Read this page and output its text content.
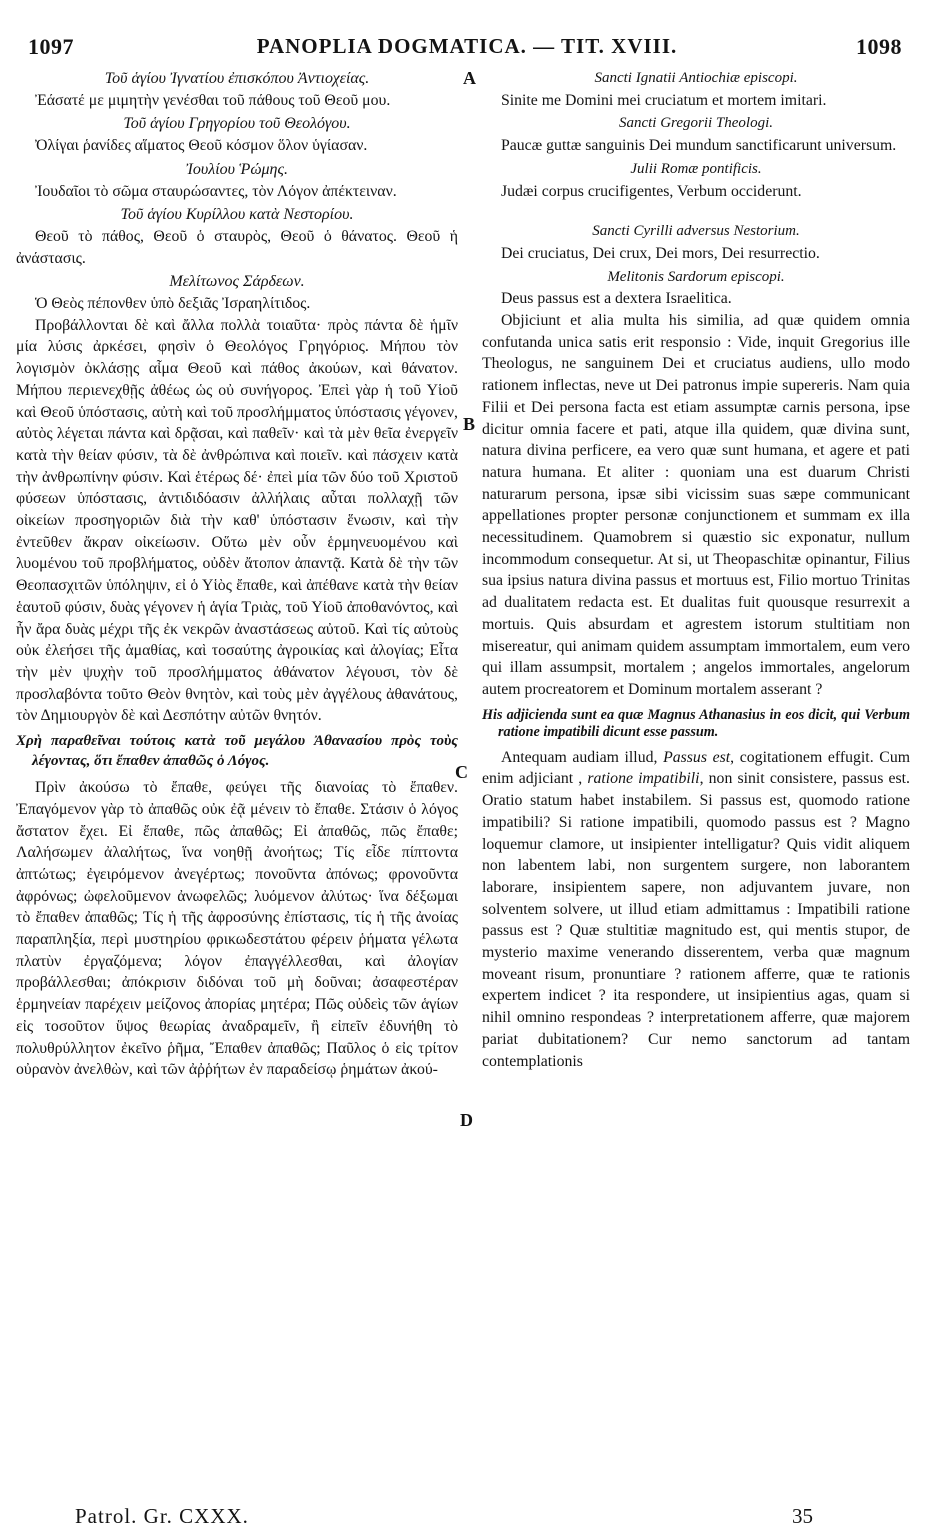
PANOPLIA DOGMATICA. — TIT. XVIII.
1097	1098
Τοῦ ἁγίου Ἰγνατίου ἐπισκόπου Ἀντιοχείας.

Ἐάσατέ με μιμητὴν γενέσθαι τοῦ πάθους τοῦ Θεοῦ μου.

Τοῦ ἁγίου Γρηγορίου τοῦ Θεολόγου.

Ὀλίγαι ῥανίδες αἵματος Θεοῦ κόσμον ὅλον ὑγίασαν.

Ἰουλίου Ῥώμης.

Ἰουδαῖοι τὸ σῶμα σταυρώσαντες, τὸν Λόγον ἀπέκτειναν.

Τοῦ ἁγίου Κυρίλλου κατὰ Νεστορίου.

Θεοῦ τὸ πάθος, Θεοῦ ὁ σταυρὸς, Θεοῦ ὁ θάνατος. Θεοῦ ἡ ἀνάστασις.

Μελίτωνος Σάρδεων.

Ὁ Θεὸς πέπονθεν ὑπὸ δεξιᾶς Ἰσραηλίτιδος.

Προβάλλονται δὲ καὶ ἄλλα πολλὰ τοιαῦτα· πρὸς πάντα δὲ ἡμῖν μία λύσις ἀρκέσει, φησὶν ὁ Θεολόγος Γρηγόριος. Μήπου τὸν λογισμὸν ὀκλάσῃς αἷμα Θεοῦ καὶ πάθος ἀκούων, καὶ θάνατον. Μήπου περιενεχθῇς ἀθέως ὡς οὐ συνήγορος. Ἐπεὶ γὰρ ἡ τοῦ Υἱοῦ καὶ Θεοῦ ὑπόστασις, αὐτὴ καὶ τοῦ προσλήμματος ὑπόστασις γέγονεν, αὐτὸς λέγεται πάντα καὶ δρᾷσαι, καὶ παθεῖν· καὶ τὰ μὲν θεῖα ἐνεργεῖν κατὰ τὴν θείαν φύσιν, τὰ δὲ ἀνθρώπινα καὶ ποιεῖν. καὶ πάσχειν κατὰ τὴν ἀνθρωπίνην φύσιν. Καὶ ἑτέρως δέ· ἐπεὶ μία τῶν δύο τοῦ Χριστοῦ φύσεων ὑπόστασις, ἀντιδιδόασιν ἀλλήλαις αὗται πολλαχῇ τῶν οἰκείων προσηγοριῶν διὰ τὴν καθ' ὑπόστασιν ἕνωσιν, καὶ τὴν ἐντεῦθεν ἄκραν οἰκείωσιν. Οὕτω μὲν οὖν ἑρμηνευομένου καὶ λυομένου τοῦ προβλήματος, οὐδὲν ἄτοπον ἀπαντᾷ. Κατὰ δὲ τὴν τῶν Θεοπασχιτῶν ὑπόληψιν, εἰ ὁ Υἱὸς ἔπαθε, καὶ ἀπέθανε κατὰ τὴν θείαν ἑαυτοῦ φύσιν, δυὰς γέγονεν ἡ ἁγία Τριὰς, τοῦ Υἱοῦ ἀποθανόντος, καὶ ἦν ἄρα δυὰς μέχρι τῆς ἐκ νεκρῶν ἀναστάσεως αὐτοῦ. Καὶ τίς αὐτοὺς οὐκ ἐλεήσει τῆς ἀμαθίας, καὶ τοσαύτης ἀγροικίας καὶ ἀλογίας; Εἶτα τὴν μὲν ψυχὴν τοῦ προσλήμματος ἀθάνατον λέγουσι, τὸν δὲ προσλαβόντα τοῦτο Θεὸν θνητὸν, καὶ τοὺς μὲν ἀγγέλους ἀθανάτους, τὸν Δημιουργὸν δὲ καὶ Δεσπότην αὐτῶν θνητόν.

Χρὴ παραθεῖναι τούτοις κατὰ τοῦ μεγάλου Ἀθανασίου πρὸς τοὺς λέγοντας, ὅτι ἔπαθεν ἀπαθῶς ὁ Λόγος.

Πρὶν ἀκούσω τὸ ἔπαθε, φεύγει τῆς διανοίας τὸ ἔπαθεν. Ἐπαγόμενον γὰρ τὸ ἀπαθῶς οὐκ ἐᾷ μένειν τὸ ἔπαθε. Στάσιν ὁ λόγος ἄστατον ἔχει. Εἰ ἔπαθε, πῶς ἀπαθῶς; Εἰ ἀπαθῶς, πῶς ἔπαθε; Λαλήσωμεν ἀλαλήτως, ἵνα νοηθῇ ἀνοήτως; Τίς εἶδε πίπτοντα ἀπτώτως; ἐγειρόμενον ἀνεγέρτως; πονοῦντα ἀπόνως; φρονοῦντα ἀφρόνως; ὠφελοῦμενον ἀνωφελῶς; λυόμενον ἀλύτως· ἵνα δέξωμαι τὸ ἔπαθεν ἀπαθῶς; Τίς ἡ τῆς ἀφροσύνης ἐπίστασις, τίς ἡ τῆς ἀνοίας παραπληξία, περὶ μυστηρίου φρικωδεστάτου φέρειν ῥήματα γέλωτα πλατὺν ἐργαζόμενα; λόγον ἐπαγγέλλεσθαι, καὶ ἀλογίαν προβάλλεσθαι; ἀπόκρισιν διδόναι τοῦ μὴ δοῦναι; ἀσαφεστέραν ἑρμηνείαν παρέχειν μείζονος ἀπορίας μητέρα; Πῶς οὐδεὶς τῶν ἁγίων εἰς τοσοῦτον ὕψος θεωρίας ἀναδραμεῖν, ἢ εἰπεῖν ἐδυνήθη τὸ πολυθρύλλητον ἐκεῖνο ῥῆμα, Ἔπαθεν ἀπαθῶς; Παῦλος ὁ εἰς τρίτον οὐρανὸν ἀνελθὼν, καὶ τῶν ἀῤῥήτων ἐν παραδείσῳ ῥημάτων ἀκού-

Sancti Ignatii Antiochiæ episcopi.

Sinite me Domini mei cruciatum et mortem imitari.

Sancti Gregorii Theologi.

Paucæ guttæ sanguinis Dei mundum sanctificarunt universum.

Julii Romæ pontificis.

Judæi corpus crucifigentes, Verbum occiderunt.

Sancti Cyrilli adversus Nestorium.

Dei cruciatus, Dei crux, Dei mors, Dei resurrectio.

Melitonis Sardorum episcopi.

Deus passus est a dextera Israelitica.

Objiciunt et alia multa his similia, ad quæ quidem omnia confutanda unica satis erit responsio : Vide, inquit Gregorius ille Theologus, ne sanguinem Dei et cruciatus audiens, ullo modo rationem inflectas, neve ut Dei patronus impie supereris. Nam quia Filii et Dei persona facta est etiam assumptæ carnis persona, ipse dicitur omnia facere et pati, atque illa quidem, quæ divina sunt, natura divina perficere, ea vero quæ sunt humana, et agere et pati natura humana. Et aliter : quoniam una est duarum Christi naturarum persona, ipsæ sibi vicissim suas sæpe communicant appellationes propter personæ conjunctionem et summam ex illa necessitudinem. Quamobrem si quæstio sic exponatur, nullum incommodum consequetur. At si, ut Theopaschitæ opinantur, Filius sua ipsius natura divina passus et mortuus est, Filio mortuo Trinitas ad dualitatem redacta est. Et dualitas fuit quousque resurrexit a mortuis. Quis absurdam et agrestem istorum stultitiam non misereatur, qui animam quidem assumptam immortalem, eum vero qui illam assumpsit, mortalem ; angelos immortales, angelorum autem procreatorem et Dominum mortalem asserant ?

His adjicienda sunt ea quæ Magnus Athanasius in eos dicit, qui Verbum ratione impatibili dicunt esse passum.

Antequam audiam illud, Passus est, cogitationem effugit. Cum enim adjiciant , ratione impatibili, non sinit consistere, passus est. Oratio statum habet instabilem. Si passus est, quomodo ratione impatibili? Si ratione impatibili, quomodo passus est ? Magno loquemur clamore, ut insipienter intelligatur? Quis vidit aliquem non labentem labi, non surgentem surgere, non laborantem laborare, insipientem sapere, non adjuvantem juvare, non solventem solvere, ut illud etiam admittamus : Impatibili ratione passus est ? Quæ stultitiæ magnitudo est, qui mentis stupor, de mysterio maxime venerando disserentem, verba quæ magnum moveant risum, pronuntiare ? rationem afferre, quæ te rationis expertem indicet ? ita respondere, ut insipientius agas, quam si nihil omnino respondeas ? interpretationem afferre, quæ majorem pariat dubitationem? Cur nemo sanctorum ad tantam contemplationis

A
B
C
D
Patrol. Gr. CXXX.	35
